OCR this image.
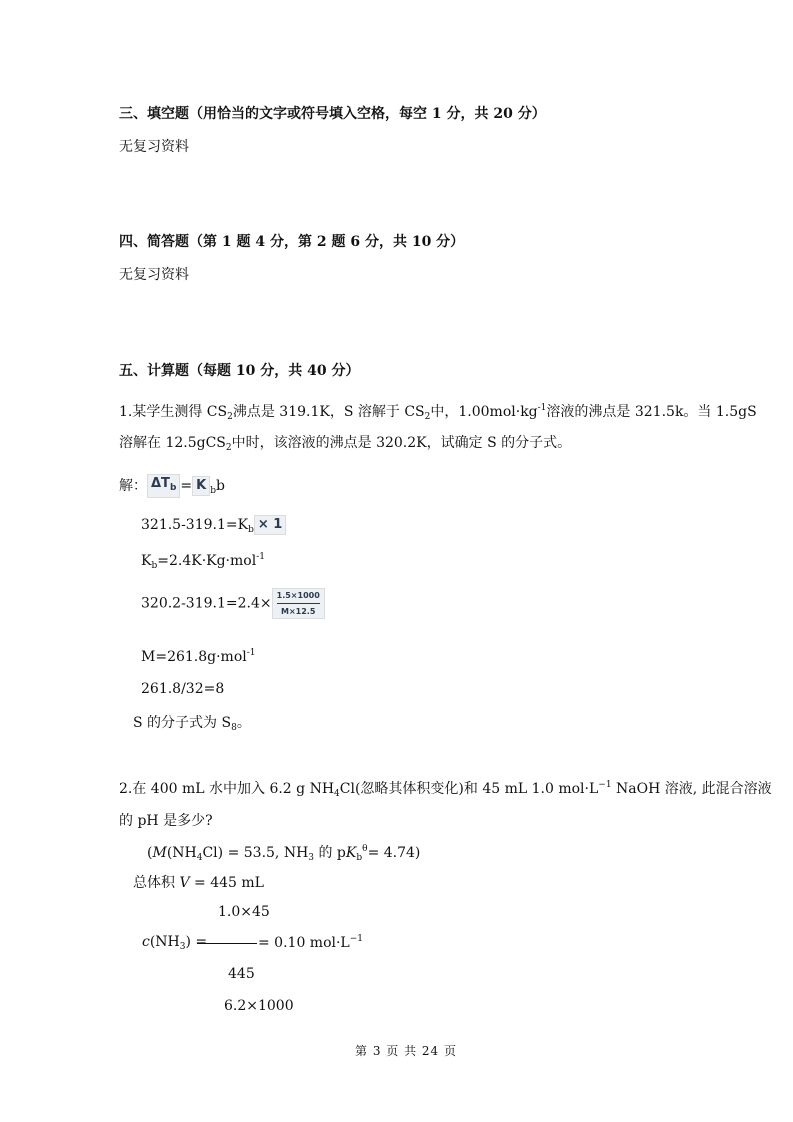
三、填空题（用恰当的文字或符号填入空格，每空 1 分，共 20 分）
无复习资料
四、简答题（第 1 题 4 分，第 2 题 6 分，共 10 分）
无复习资料
五、计算题（每题 10 分，共 40 分）
1.某学生测得 $CS_2$沸点是 319.1K，S 溶解于 $CS_2$中，$1.00mol\cdot kg^{-1}$溶液的沸点是 321.5k。当 1.5gS
溶解在 12.5gCS$_2$中时，该溶液的沸点是 320.2K，试确定 S 的分子式。
解： $\Delta T_b = K$ $_b$b
$321.5-319.1=K_b \times 1$
$K_b=2.4K\cdot Kg\cdot mol^{-1}$
$320.2-319.1=2.4\times \frac{1.5\times 1000}{M\times 12.5}$
M=261.8g·mol$^{-1}$
261.8/32=8
S 的分子式为 $S_8$。
2.在 400 mL 水中加入 6.2 g $NH_4Cl$(忽略其体积变化)和 45 mL 1.0 $mol\cdot L^{-1}$ NaOH 溶液, 此混合溶液
的 pH 是多少?
($M(NH_4Cl) = 53.5$, $NH_3$ 的 $pK_b^\theta= 4.74$)
总体积 V = 445 mL
1.0×45
$c(NH_3)$ =	= 0.10 $mol\cdot L^{-1}$
445
6.2×1000
第 3 页 共 24 页
